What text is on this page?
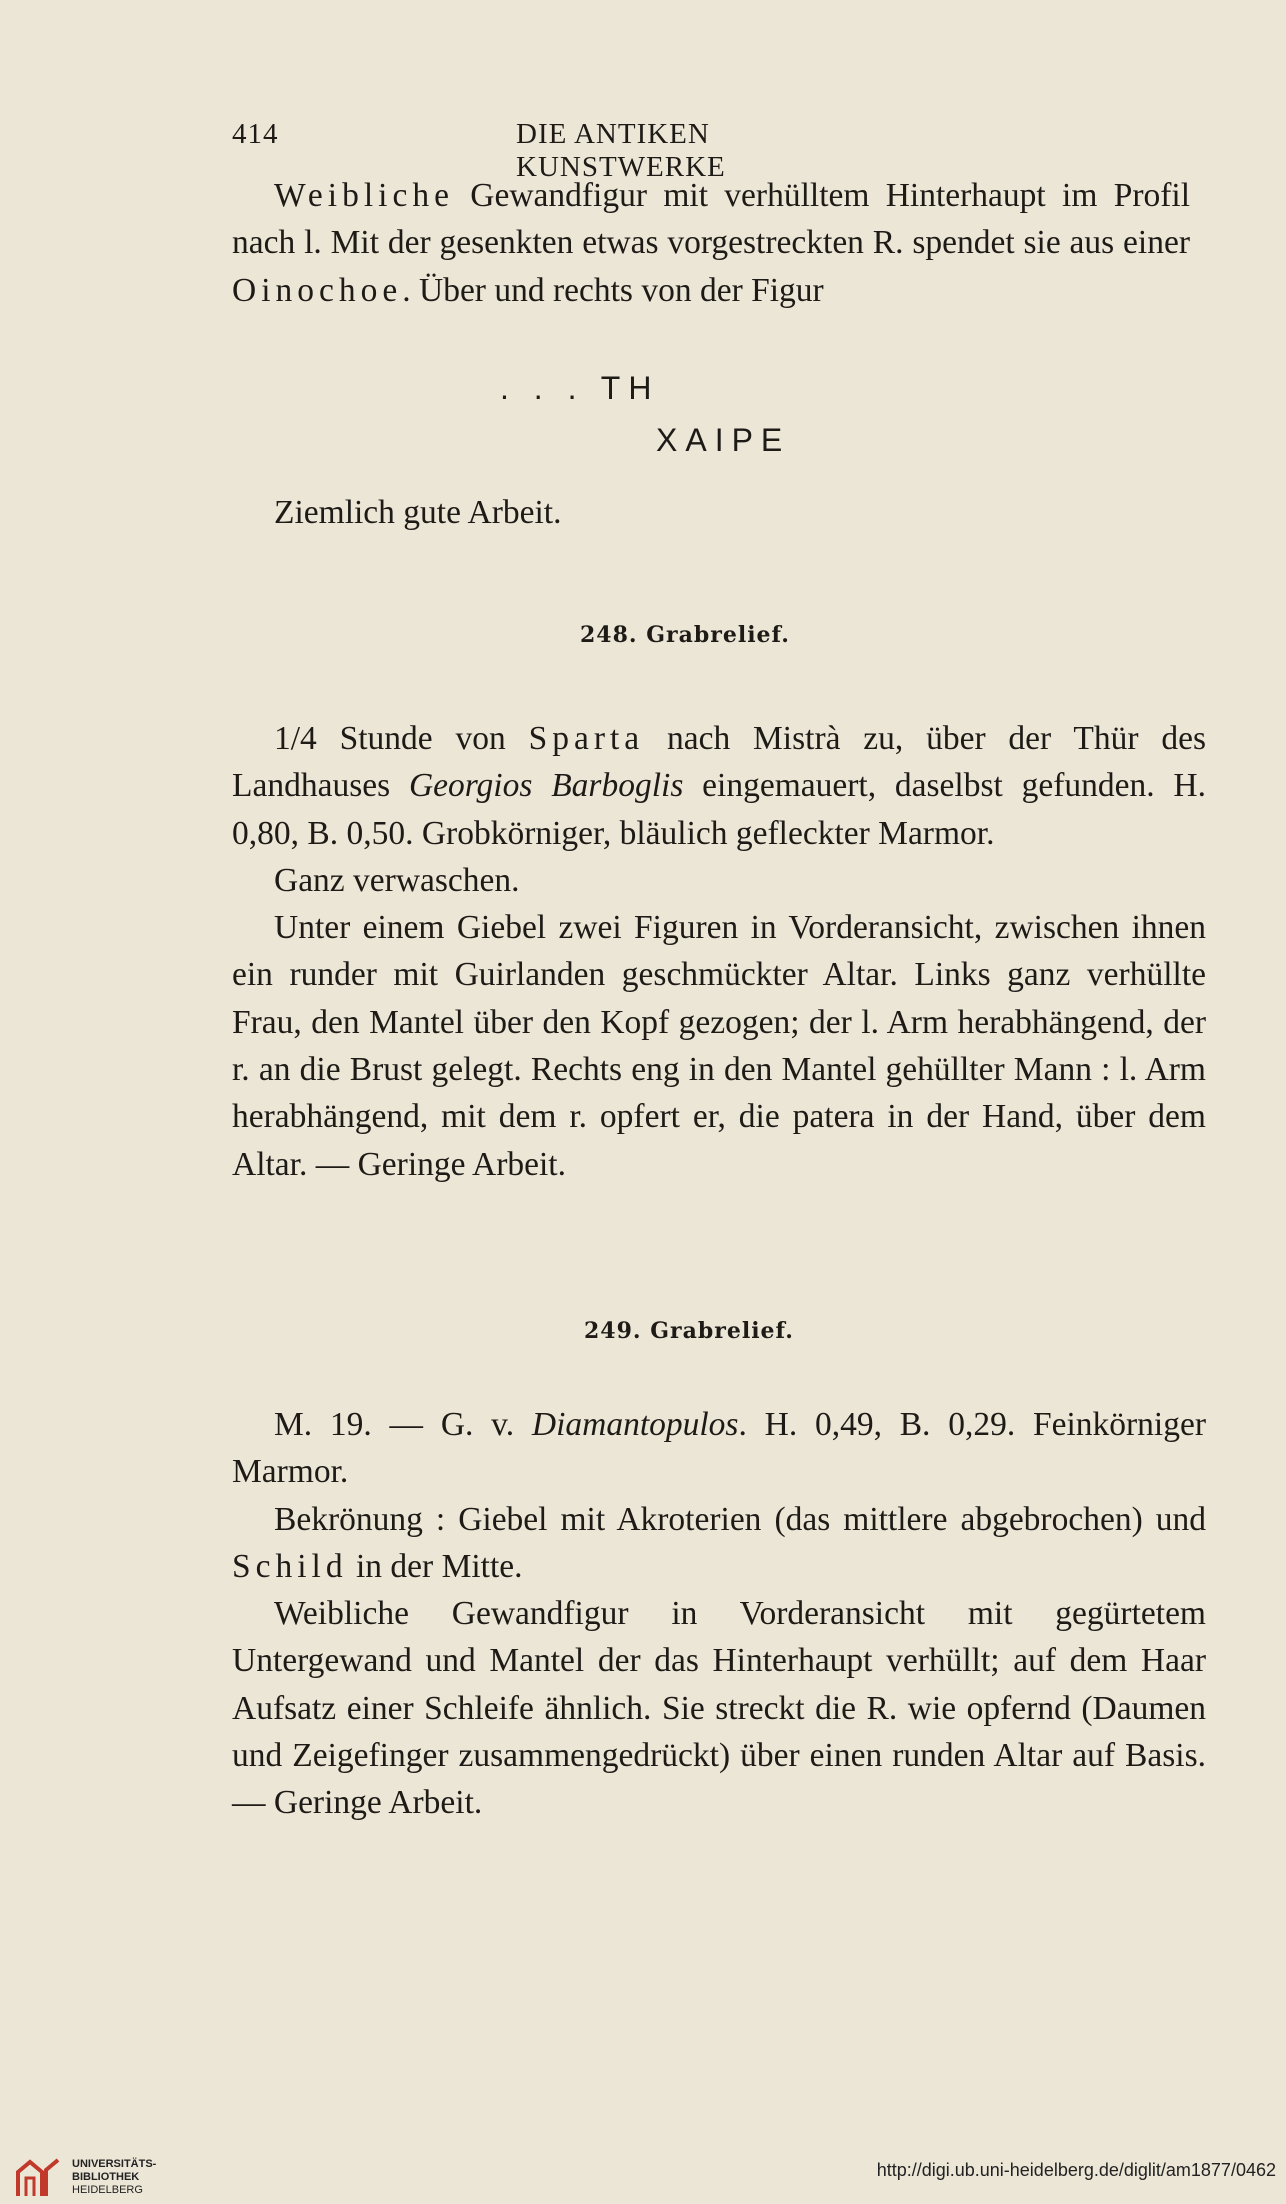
414	DIE ANTIKEN KUNSTWERKE

Weibliche Gewandfigur mit verhülltem Hinterhaupt im Profil nach l. Mit der gesenkten etwas vorgestreckten R. spendet sie aus einer Oinochoe. Über und rechts von der Figur

. . . TH
XAIPE
Ziemlich gute Arbeit.
248. Grabrelief.

1/4 Stunde von Sparta nach Mistrà zu, über der Thür des Landhauses Georgios Barboglis eingemauert, daselbst gefunden. H. 0,80, B. 0,50. Grobkörniger, bläulich gefleckter Marmor.

Ganz verwaschen.

Unter einem Giebel zwei Figuren in Vorderansicht, zwischen ihnen ein runder mit Guirlanden geschmückter Altar. Links ganz verhüllte Frau, den Mantel über den Kopf gezogen; der l. Arm herabhängend, der r. an die Brust gelegt. Rechts eng in den Mantel gehüllter Mann : l. Arm herabhängend, mit dem r. opfert er, die patera in der Hand, über dem Altar. — Geringe Arbeit.

249. Grabrelief.

M. 19. — G. v. Diamantopulos. H. 0,49, B. 0,29. Feinkörniger Marmor.

Bekrönung : Giebel mit Akroterien (das mittlere abgebrochen) und Schild in der Mitte.

Weibliche Gewandfigur in Vorderansicht mit gegürtetem Untergewand und Mantel der das Hinterhaupt verhüllt; auf dem Haar Aufsatz einer Schleife ähnlich. Sie streckt die R. wie opfernd (Daumen und Zeigefinger zusammengedrückt) über einen runden Altar auf Basis. — Geringe Arbeit.

UNIVERSITÄTS-
BIBLIOTHEK
HEIDELBERG
http://digi.ub.uni-heidelberg.de/diglit/am1877/0462
